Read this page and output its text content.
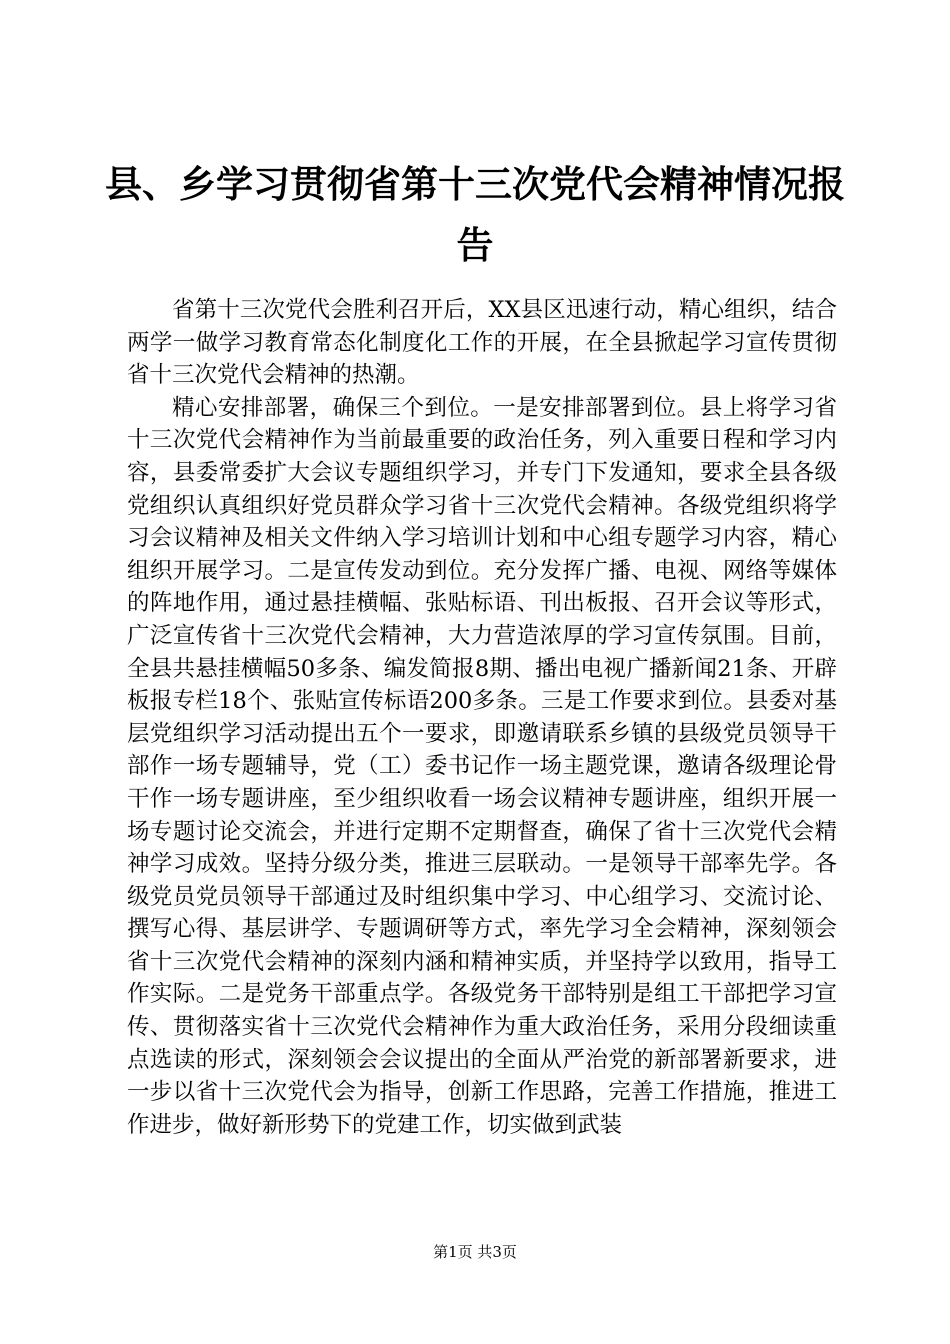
县、乡学习贯彻省第十三次党代会精神情况报
告

省第十三次党代会胜利召开后，XX县区迅速行动，精心组织，结合两学一做学习教育常态化制度化工作的开展，在全县掀起学习宣传贯彻省十三次党代会精神的热潮。

精心安排部署，确保三个到位。一是安排部署到位。县上将学习省十三次党代会精神作为当前最重要的政治任务，列入重要日程和学习内容，县委常委扩大会议专题组织学习，并专门下发通知，要求全县各级党组织认真组织好党员群众学习省十三次党代会精神。各级党组织将学习会议精神及相关文件纳入学习培训计划和中心组专题学习内容，精心组织开展学习。二是宣传发动到位。充分发挥广播、电视、网络等媒体的阵地作用，通过悬挂横幅、张贴标语、刊出板报、召开会议等形式，广泛宣传省十三次党代会精神，大力营造浓厚的学习宣传氛围。目前，全县共悬挂横幅50多条、编发简报8期、播出电视广播新闻21条、开辟板报专栏18个、张贴宣传标语200多条。三是工作要求到位。县委对基层党组织学习活动提出五个一要求，即邀请联系乡镇的县级党员领导干部作一场专题辅导，党（工）委书记作一场主题党课，邀请各级理论骨干作一场专题讲座，至少组织收看一场会议精神专题讲座，组织开展一场专题讨论交流会，并进行定期不定期督查，确保了省十三次党代会精神学习成效。坚持分级分类，推进三层联动。一是领导干部率先学。各级党员党员领导干部通过及时组织集中学习、中心组学习、交流讨论、撰写心得、基层讲学、专题调研等方式，率先学习全会精神，深刻领会省十三次党代会精神的深刻内涵和精神实质，并坚持学以致用，指导工作实际。二是党务干部重点学。各级党务干部特别是组工干部把学习宣传、贯彻落实省十三次党代会精神作为重大政治任务，采用分段细读重点选读的形式，深刻领会会议提出的全面从严治党的新部署新要求，进一步以省十三次党代会为指导，创新工作思路，完善工作措施，推进工作进步，做好新形势下的党建工作，切实做到武装

第1页 共3页
